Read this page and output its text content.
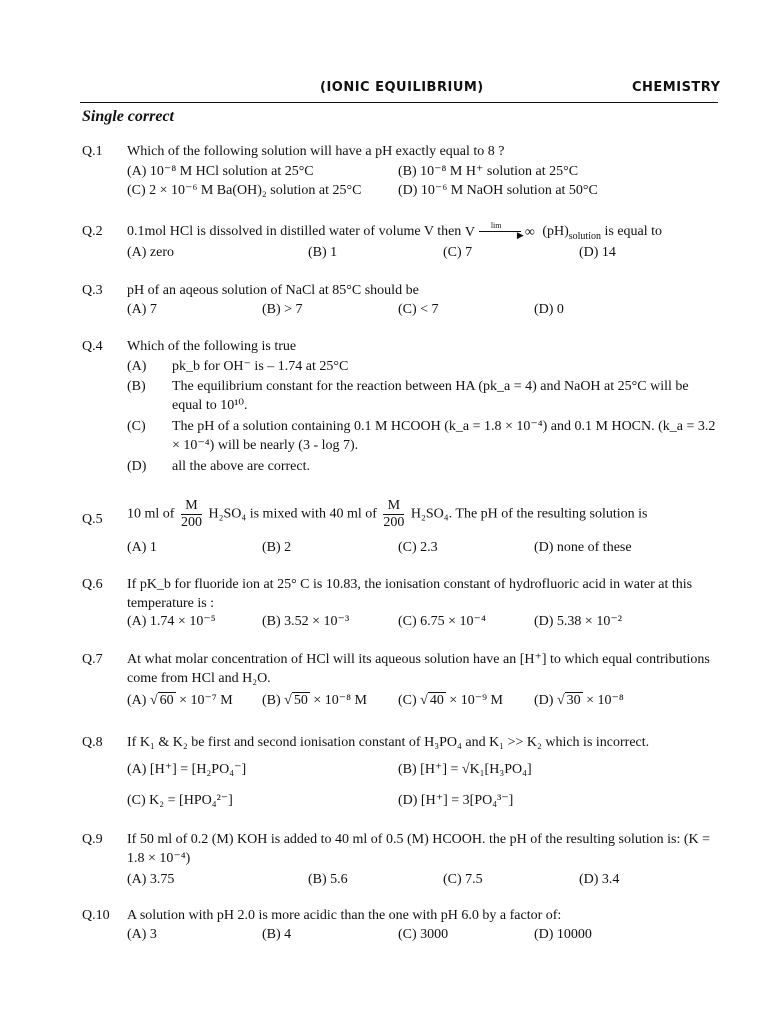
(IONIC EQUILIBRIUM)	CHEMISTRY
Single correct
Q.1 Which of the following solution will have a pH exactly equal to 8 ?
(A) 10⁻⁸ M HCl solution at 25°C	(B) 10⁻⁸ M H⁺ solution at 25°C
(C) 2 × 10⁻⁶ M Ba(OH)₂ solution at 25°C	(D) 10⁻⁶ M NaOH solution at 50°C
Q.2 0.1mol HCl is dissolved in distilled water of volume V then V	▶
lim ∞ $(pH)_{solution}$ is equal to
(A) zero	(B) 1	(C) 7	(D) 14
Q.3 pH of an aqeous solution of NaCl at 85°C should be
(A) 7	(B) > 7	(C) < 7	(D) 0
Q.4 Which of the following is true
(A) pk_b for OH⁻ is – 1.74 at 25°C
(B) The equilibrium constant for the reaction between HA (pk_a = 4) and NaOH at 25°C will be equal to 10¹⁰.
(C) The pH of a solution containing 0.1 M HCOOH (k_a = 1.8 × 10⁻⁴) and 0.1 M HOCN. (k_a = 3.2 × 10⁻⁴) will be nearly (3 - log 7).
(D) all the above are correct.
Q.5 10 ml of $\frac{M}{200} H_2SO_4$ is mixed with 40 ml of $\frac{M}{200} H_2SO_4$. The pH of the resulting solution is
(A) 1	(B) 2	(C) 2.3	(D) none of these
Q.6 If pK_b for fluoride ion at 25° C is 10.83, the ionisation constant of hydrofluoric acid in water at this temperature is :
(A) 1.74 × 10⁻⁵	(B) 3.52 × 10⁻³	(C) 6.75 × 10⁻⁴	(D) 5.38 × 10⁻²
Q.7 At what molar concentration of HCl will its aqueous solution have an [H⁺] to which equal contributions come from HCl and H₂O.
(A) √ 60 × 10⁻⁷ M (B) √ 50 × 10⁻⁸ M (C) √ 40 × 10⁻⁹ M (D) √ 30 × 10⁻⁸
Q.8 If K₁ & K₂ be first and second ionisation constant of H₃PO₄ and K₁ >> K₂ which is incorrect.
(A) [H⁺] = [H₂PO₄⁻]	(B) [H⁺] = √K₁[H₃PO₄]
(C) K₂ = [HPO₄²⁻]	(D) [H⁺] = 3[PO₄³⁻]
Q.9 If 50 ml of 0.2 (M) KOH is added to 40 ml of 0.5 (M) HCOOH. the pH of the resulting solution is: (K = 1.8 × 10⁻⁴)
(A) 3.75	(B) 5.6	(C) 7.5	(D) 3.4
Q.10 A solution with pH 2.0 is more acidic than the one with pH 6.0 by a factor of:
(A) 3	(B) 4	(C) 3000	(D) 10000
